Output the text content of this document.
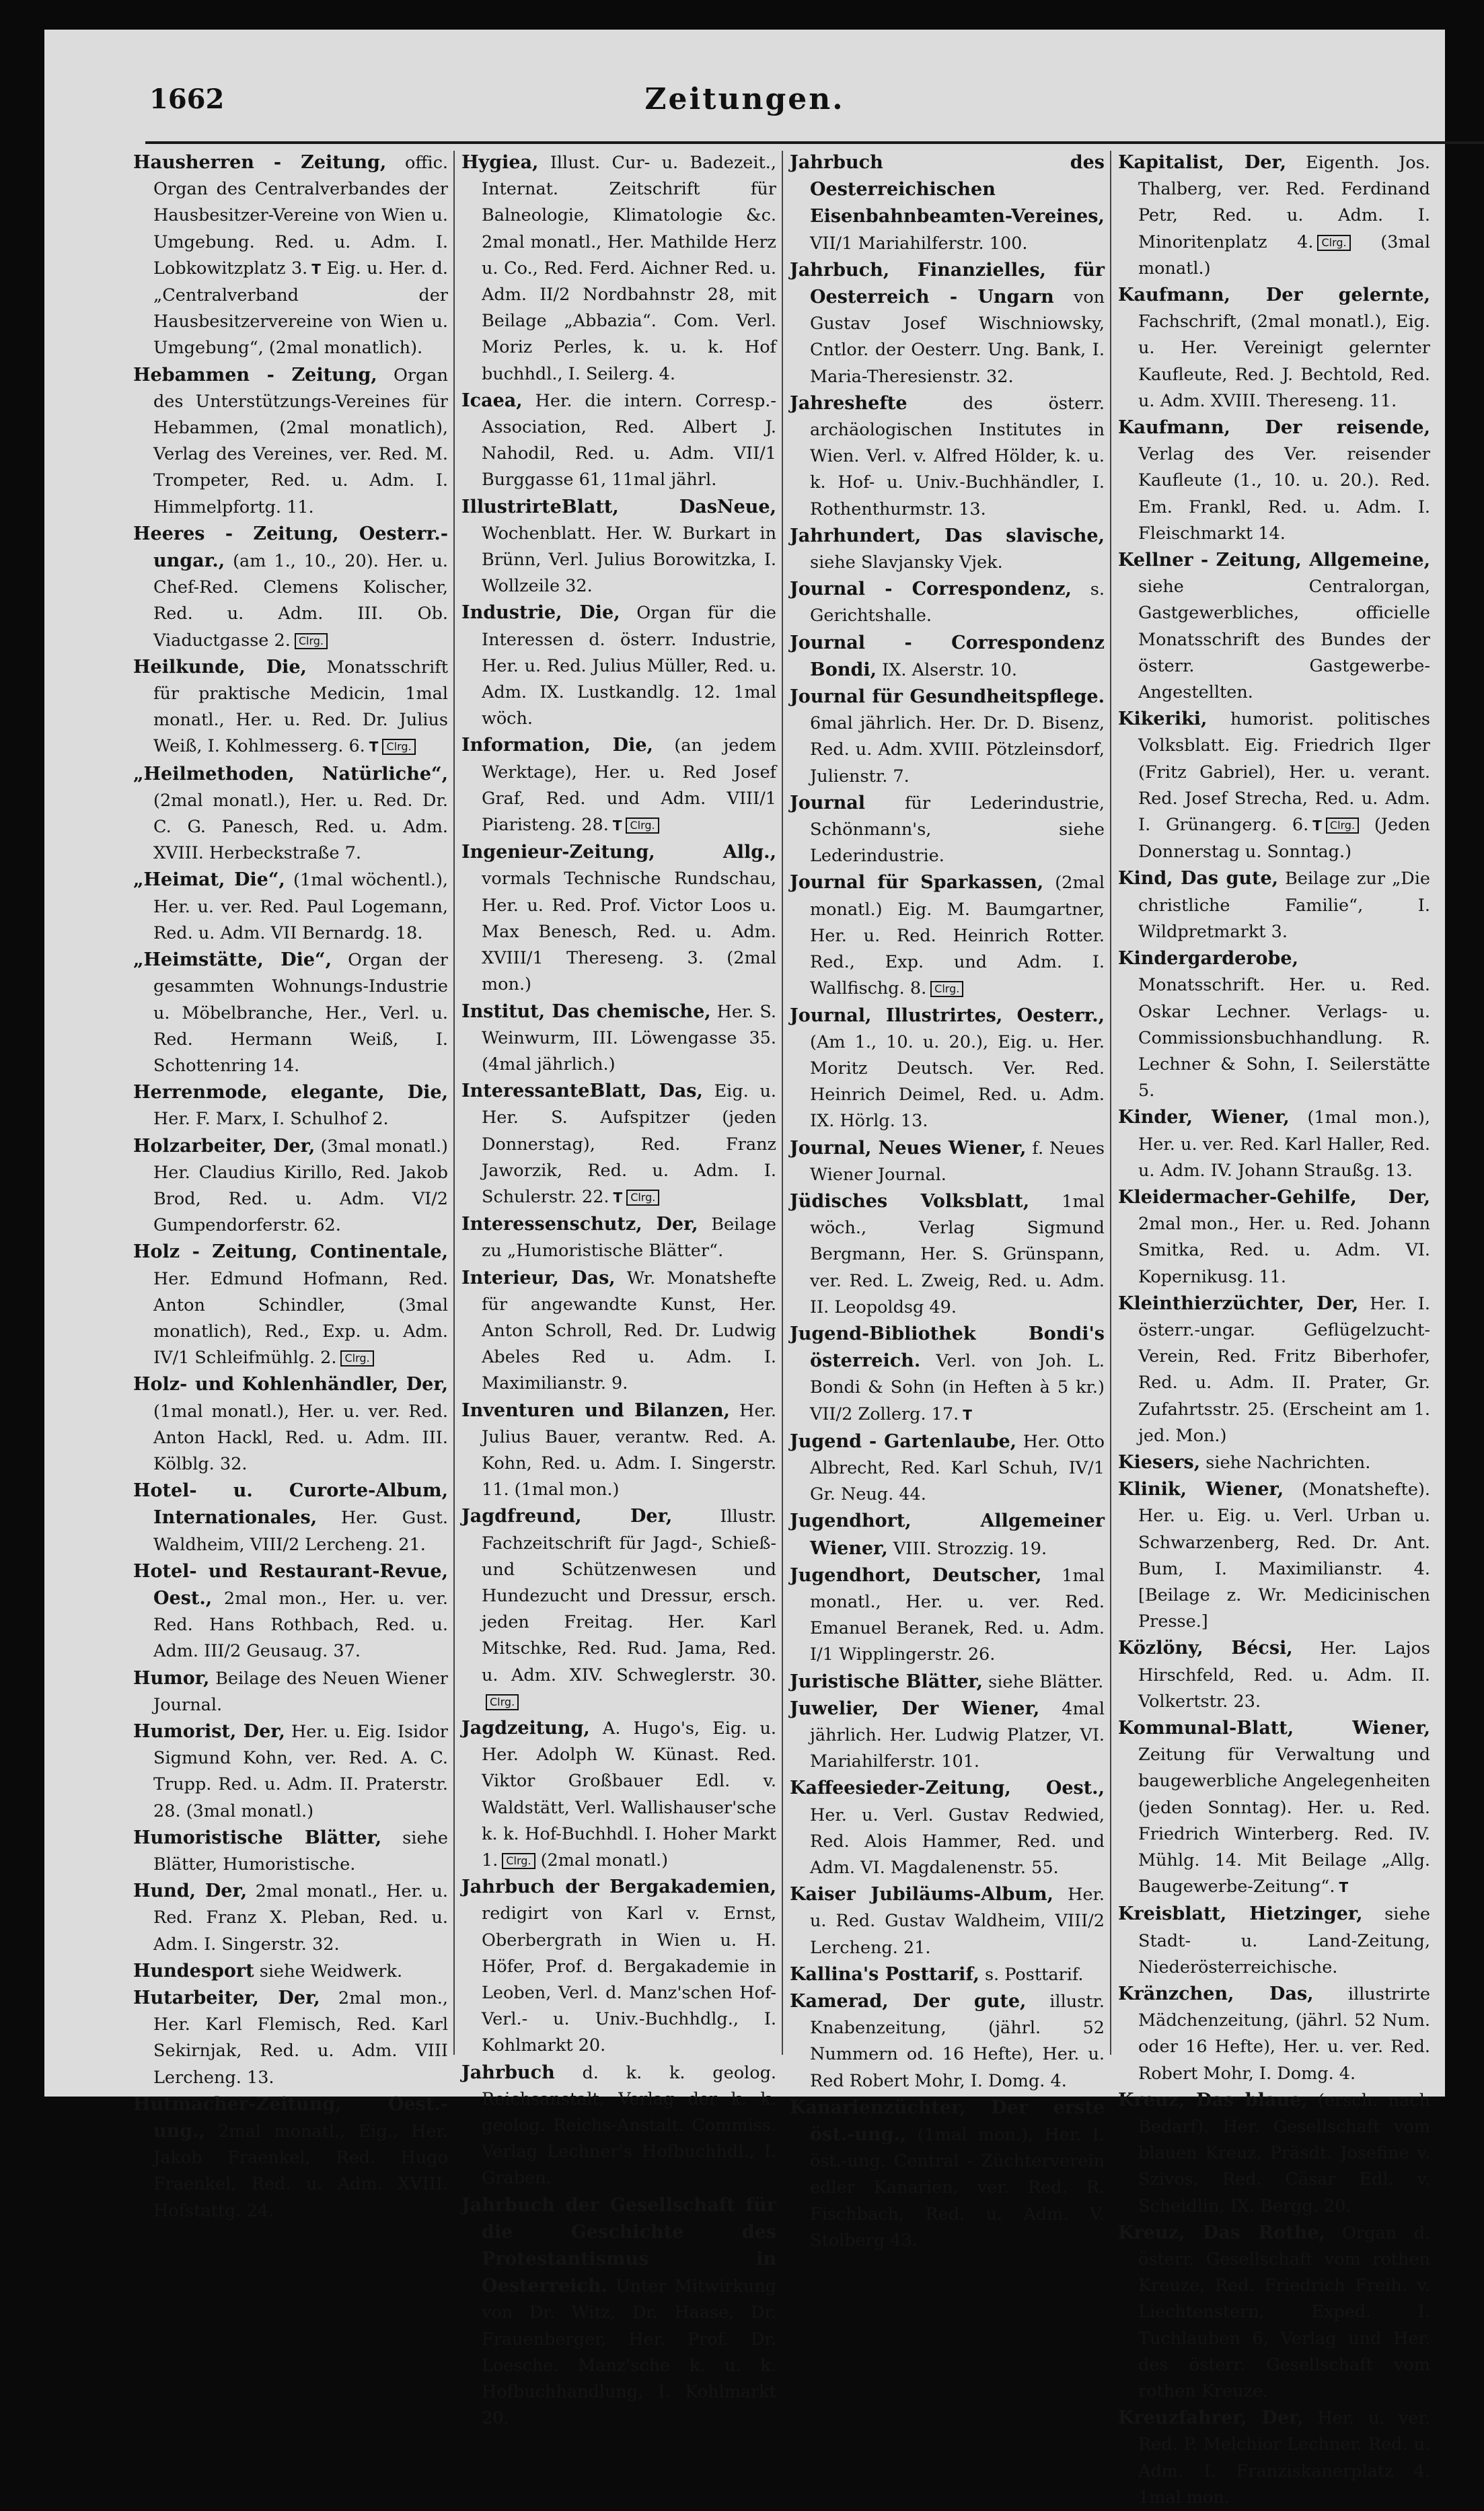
1662	Zeitungen.

Hausherren - Zeitung, offic. Organ des Centralverbandes der Hausbesitzer-Vereine von Wien u. Umgebung. Red. u. Adm. I. Lobkowitzplatz 3. T Eig. u. Her. d. „Centralverband der Hausbesitzervereine von Wien u. Umgebung“, (2mal monatlich).

Hebammen - Zeitung, Organ des Unterstützungs-Vereines für Hebammen, (2mal monatlich), Verlag des Vereines, ver. Red. M. Trompeter, Red. u. Adm. I. Himmelpfortg. 11.

Heeres - Zeitung, Oesterr.-ungar., (am 1., 10., 20). Her. u. Chef-Red. Clemens Kolischer, Red. u. Adm. III. Ob. Viaductgasse 2. Clrg.

Heilkunde, Die, Monatsschrift für praktische Medicin, 1mal monatl., Her. u. Red. Dr. Julius Weiß, I. Kohlmesserg. 6. T Clrg.

„Heilmethoden, Natürliche“, (2mal monatl.), Her. u. Red. Dr. C. G. Panesch, Red. u. Adm. XVIII. Herbeckstraße 7.

„Heimat, Die“, (1mal wöchentl.), Her. u. ver. Red. Paul Logemann, Red. u. Adm. VII Bernardg. 18.

„Heimstätte, Die“, Organ der gesammten Wohnungs-Industrie u. Möbelbranche, Her., Verl. u. Red. Hermann Weiß, I. Schottenring 14.

Herrenmode, elegante, Die, Her. F. Marx, I. Schulhof 2.

Holzarbeiter, Der, (3mal monatl.) Her. Claudius Kirillo, Red. Jakob Brod, Red. u. Adm. VI/2 Gumpendorferstr. 62.

Holz - Zeitung, Continentale, Her. Edmund Hofmann, Red. Anton Schindler, (3mal monatlich), Red., Exp. u. Adm. IV/1 Schleifmühlg. 2. Clrg.

Holz- und Kohlenhändler, Der, (1mal monatl.), Her. u. ver. Red. Anton Hackl, Red. u. Adm. III. Kölblg. 32.

Hotel- u. Curorte-Album, Internationales, Her. Gust. Waldheim, VIII/2 Lercheng. 21.

Hotel- und Restaurant-Revue, Oest., 2mal mon., Her. u. ver. Red. Hans Rothbach, Red. u. Adm. III/2 Geusaug. 37.

Humor, Beilage des Neuen Wiener Journal.

Humorist, Der, Her. u. Eig. Isidor Sigmund Kohn, ver. Red. A. C. Trupp. Red. u. Adm. II. Praterstr. 28. (3mal monatl.)

Humoristische Blätter, siehe Blätter, Humoristische.

Hund, Der, 2mal monatl., Her. u. Red. Franz X. Pleban, Red. u. Adm. I. Singerstr. 32.

Hundesport siehe Weidwerk.

Hutarbeiter, Der, 2mal mon., Her. Karl Flemisch, Red. Karl Sekirnjak, Red. u. Adm. VIII Lercheng. 13.

Hutmacher-Zeitung, Oest.-ung., 2mal monatl., Eig., Her. Jakob Fraenkel, Red. Hugo Fraenkel, Red. u. Adm. XVIII. Hofstattg. 24.

Hygiea, Illust. Cur- u. Badezeit., Internat. Zeitschrift für Balneologie, Klimatologie &c. 2mal monatl., Her. Mathilde Herz u. Co., Red. Ferd. Aichner Red. u. Adm. II/2 Nordbahnstr 28, mit Beilage „Abbazia“. Com. Verl. Moriz Perles, k. u. k. Hof buchhdl., I. Seilerg. 4.

Icaea, Her. die intern. Corresp.-Association, Red. Albert J. Nahodil, Red. u. Adm. VII/1 Burggasse 61, 11mal jährl.

IllustrirteBlatt, DasNeue, Wochenblatt. Her. W. Burkart in Brünn, Verl. Julius Borowitzka, I. Wollzeile 32.

Industrie, Die, Organ für die Interessen d. österr. Industrie, Her. u. Red. Julius Müller, Red. u. Adm. IX. Lustkandlg. 12. 1mal wöch.

Information, Die, (an jedem Werktage), Her. u. Red Josef Graf, Red. und Adm. VIII/1 Piaristeng. 28. T Clrg.

Ingenieur-Zeitung, Allg., vormals Technische Rundschau, Her. u. Red. Prof. Victor Loos u. Max Benesch, Red. u. Adm. XVIII/1 Thereseng. 3. (2mal mon.)

Institut, Das chemische, Her. S. Weinwurm, III. Löwengasse 35. (4mal jährlich.)

InteressanteBlatt, Das, Eig. u. Her. S. Aufspitzer (jeden Donnerstag), Red. Franz Jaworzik, Red. u. Adm. I. Schulerstr. 22. T Clrg.

Interessenschutz, Der, Beilage zu „Humoristische Blätter“.

Interieur, Das, Wr. Monatshefte für angewandte Kunst, Her. Anton Schroll, Red. Dr. Ludwig Abeles Red u. Adm. I. Maximilianstr. 9.

Inventuren und Bilanzen, Her. Julius Bauer, verantw. Red. A. Kohn, Red. u. Adm. I. Singerstr. 11. (1mal mon.)

Jagdfreund, Der, Illustr. Fachzeitschrift für Jagd-, Schieß- und Schützenwesen und Hundezucht und Dressur, ersch. jeden Freitag. Her. Karl Mitschke, Red. Rud. Jama, Red. u. Adm. XIV. Schweglerstr. 30.Clrg.

Jagdzeitung, A. Hugo's, Eig. u. Her. Adolph W. Künast. Red. Viktor Großbauer Edl. v. Waldstätt, Verl. Wallishauser'sche k. k. Hof-Buchhdl. I. Hoher Markt 1. Clrg. (2mal monatl.)

Jahrbuch der Bergakademien, redigirt von Karl v. Ernst, Oberbergrath in Wien u. H. Höfer, Prof. d. Bergakademie in Leoben, Verl. d. Manz'schen Hof-Verl.- u. Univ.-Buchhdlg., I. Kohlmarkt 20.

Jahrbuch d. k. k. geolog. Reichsanstalt, Verlag der k. k. geolog. Reichs-Anstalt. Commiss. Verlag Lechner's Hofbuchhdl., I. Graben.

Jahrbuch der Gesellschaft für die Geschichte des Protestantismus in Oesterreich. Unter Mitwirkung von Dr. Witz, Dr. Haase, Dr. Frauenberger, Her. Prof. Dr. Loesche. Manz'sche k. u. k. Hofbuchhandlung, I. Kohlmarkt 20.

Jahrbuch des Oesterreichischen Eisenbahnbeamten-Vereines, VII/1 Mariahilferstr. 100.

Jahrbuch, Finanzielles, für Oesterreich - Ungarn von Gustav Josef Wischniowsky, Cntlor. der Oesterr. Ung. Bank, I. Maria-Theresienstr. 32.

Jahreshefte des österr. archäologischen Institutes in Wien. Verl. v. Alfred Hölder, k. u. k. Hof- u. Univ.-Buchhändler, I. Rothenthurmstr. 13.

Jahrhundert, Das slavische, siehe Slavjansky Vjek.

Journal - Correspondenz, s. Gerichtshalle.

Journal - Correspondenz Bondi, IX. Alserstr. 10.

Journal für Gesundheitspflege. 6mal jährlich. Her. Dr. D. Bisenz, Red. u. Adm. XVIII. Pötzleinsdorf, Julienstr. 7.

Journal für Lederindustrie, Schönmann's, siehe Lederindustrie.

Journal für Sparkassen, (2mal monatl.) Eig. M. Baumgartner, Her. u. Red. Heinrich Rotter. Red., Exp. und Adm. I. Wallfischg. 8. Clrg.

Journal, Illustrirtes, Oesterr., (Am 1., 10. u. 20.), Eig. u. Her. Moritz Deutsch. Ver. Red. Heinrich Deimel, Red. u. Adm. IX. Hörlg. 13.

Journal, Neues Wiener, f. Neues Wiener Journal.

Jüdisches Volksblatt, 1mal wöch., Verlag Sigmund Bergmann, Her. S. Grünspann, ver. Red. L. Zweig, Red. u. Adm. II. Leopoldsg 49.

Jugend-Bibliothek Bondi's österreich. Verl. von Joh. L. Bondi & Sohn (in Heften à 5 kr.) VII/2 Zollerg. 17. T

Jugend - Gartenlaube, Her. Otto Albrecht, Red. Karl Schuh, IV/1 Gr. Neug. 44.

Jugendhort, Allgemeiner Wiener, VIII. Strozzig. 19.

Jugendhort, Deutscher, 1mal monatl., Her. u. ver. Red. Emanuel Beranek, Red. u. Adm. I/1 Wipplingerstr. 26.

Juristische Blätter, siehe Blätter.

Juwelier, Der Wiener, 4mal jährlich. Her. Ludwig Platzer, VI. Mariahilferstr. 101.

Kaffeesieder-Zeitung, Oest., Her. u. Verl. Gustav Redwied, Red. Alois Hammer, Red. und Adm. VI. Magdalenenstr. 55.

Kaiser Jubiläums-Album, Her. u. Red. Gustav Waldheim, VIII/2 Lercheng. 21.

Kallina's Posttarif, s. Posttarif.

Kamerad, Der gute, illustr. Knabenzeitung, (jährl. 52 Nummern od. 16 Hefte), Her. u. Red Robert Mohr, I. Domg. 4.

Kanarienzüchter, Der erste öst.-ung., (1mal mon.), Her. I. öst.-ung. Central - Züchterverein edler Kanarien, ver. Red. R. Fischbach, Red. u. Adm. V. Stolberg 43.

Kapitalist, Der, Eigenth. Jos. Thalberg, ver. Red. Ferdinand Petr, Red. u. Adm. I. Minoritenplatz 4. Clrg. (3mal monatl.)

Kaufmann, Der gelernte, Fachschrift, (2mal monatl.), Eig. u. Her. Vereinigt gelernter Kaufleute, Red. J. Bechtold, Red. u. Adm. XVIII. Thereseng. 11.

Kaufmann, Der reisende, Verlag des Ver. reisender Kaufleute (1., 10. u. 20.). Red. Em. Frankl, Red. u. Adm. I. Fleischmarkt 14.

Kellner - Zeitung, Allgemeine, siehe Centralorgan, Gastgewerbliches, officielle Monatsschrift des Bundes der österr. Gastgewerbe-Angestellten.

Kikeriki, humorist. politisches Volksblatt. Eig. Friedrich Ilger (Fritz Gabriel), Her. u. verant. Red. Josef Strecha, Red. u. Adm. I. Grünangerg. 6. T Clrg. (Jeden Donnerstag u. Sonntag.)

Kind, Das gute, Beilage zur „Die christliche Familie“, I. Wildpretmarkt 3.

Kindergarderobe, Monatsschrift. Her. u. Red. Oskar Lechner. Verlags- u. Commissionsbuchhandlung. R. Lechner & Sohn, I. Seilerstätte 5.

Kinder, Wiener, (1mal mon.), Her. u. ver. Red. Karl Haller, Red. u. Adm. IV. Johann Straußg. 13.

Kleidermacher-Gehilfe, Der, 2mal mon., Her. u. Red. Johann Smitka, Red. u. Adm. VI. Kopernikusg. 11.

Kleinthierzüchter, Der, Her. I. österr.-ungar. Geflügelzucht-Verein, Red. Fritz Biberhofer, Red. u. Adm. II. Prater, Gr. Zufahrtsstr. 25. (Erscheint am 1. jed. Mon.)

Kiesers, siehe Nachrichten.

Klinik, Wiener, (Monatshefte). Her. u. Eig. u. Verl. Urban u. Schwarzenberg, Red. Dr. Ant. Bum, I. Maximilianstr. 4. [Beilage z. Wr. Medicinischen Presse.]

Közlöny, Bécsi, Her. Lajos Hirschfeld, Red. u. Adm. II. Volkertstr. 23.

Kommunal-Blatt, Wiener, Zeitung für Verwaltung und baugewerbliche Angelegenheiten (jeden Sonntag). Her. u. Red. Friedrich Winterberg. Red. IV. Mühlg. 14. Mit Beilage „Allg. Baugewerbe-Zeitung“. T

Kreisblatt, Hietzinger, siehe Stadt- u. Land-Zeitung, Niederösterreichische.

Kränzchen, Das, illustrirte Mädchenzeitung, (jährl. 52 Num. oder 16 Hefte), Her. u. ver. Red. Robert Mohr, I. Domg. 4.

Kreuz, Das blaue, (ersch. nach Bedarf). Her. Gesellschaft vom blauen Kreuz, Präsdt. Josefine v. Szivos, Red. Cäsar Edl. v. Scheidlin, IX. Bergg. 20.

Kreuz, Das Rothe, Organ d. österr. Gesellschaft vom rothen Kreuze, Red. Friedrich Freih. v. Liechtenstern, Exped. I. Tuchlauben 6, Verlag und Her. des österr. Gesellschaft vom rothen Kreuze.

Kreuzfahrer, Der, Her. u. ver. Red. P. Melchior Lechner. Red. u. Adm. I. Franziskanerplatz 4. 1mal mon.
